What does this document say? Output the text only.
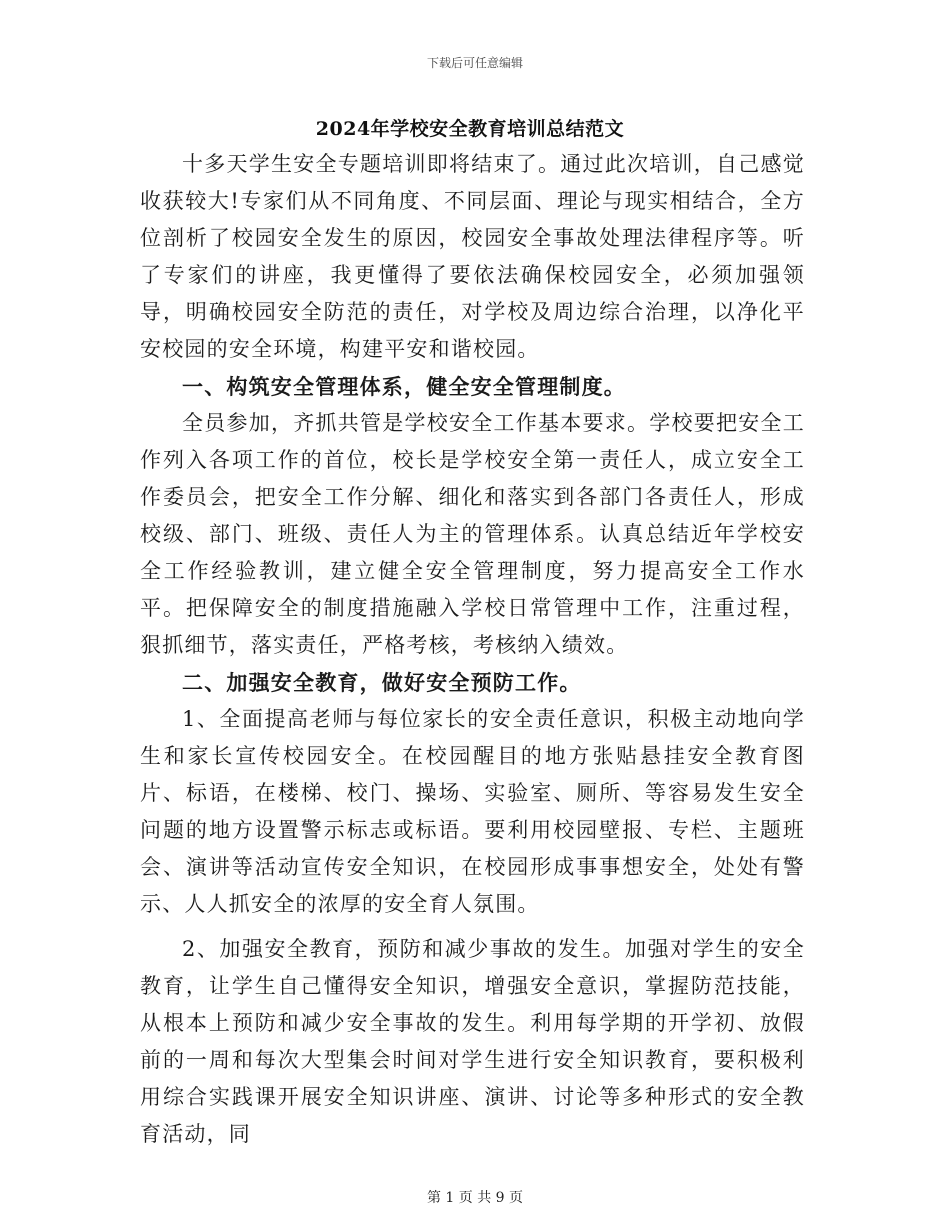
下载后可任意编辑
2024年学校安全教育培训总结范文

十多天学生安全专题培训即将结束了。通过此次培训，自己感觉收获较大!专家们从不同角度、不同层面、理论与现实相结合，全方位剖析了校园安全发生的原因，校园安全事故处理法律程序等。听了专家们的讲座，我更懂得了要依法确保校园安全，必须加强领导，明确校园安全防范的责任，对学校及周边综合治理，以净化平安校园的安全环境，构建平安和谐校园。

一、构筑安全管理体系，健全安全管理制度。

全员参加，齐抓共管是学校安全工作基本要求。学校要把安全工作列入各项工作的首位，校长是学校安全第一责任人，成立安全工作委员会，把安全工作分解、细化和落实到各部门各责任人，形成校级、部门、班级、责任人为主的管理体系。认真总结近年学校安全工作经验教训，建立健全安全管理制度，努力提高安全工作水平。把保障安全的制度措施融入学校日常管理中工作，注重过程，狠抓细节，落实责任，严格考核，考核纳入绩效。

二、加强安全教育，做好安全预防工作。

1、全面提高老师与每位家长的安全责任意识，积极主动地向学生和家长宣传校园安全。在校园醒目的地方张贴悬挂安全教育图片、标语，在楼梯、校门、操场、实验室、厕所、等容易发生安全问题的地方设置警示标志或标语。要利用校园壁报、专栏、主题班会、演讲等活动宣传安全知识，在校园形成事事想安全，处处有警示、人人抓安全的浓厚的安全育人氛围。

2、加强安全教育，预防和减少事故的发生。加强对学生的安全教育，让学生自己懂得安全知识，增强安全意识，掌握防范技能，从根本上预防和减少安全事故的发生。利用每学期的开学初、放假前的一周和每次大型集会时间对学生进行安全知识教育，要积极利用综合实践课开展安全知识讲座、演讲、讨论等多种形式的安全教育活动，同

第 1 页 共 9 页
